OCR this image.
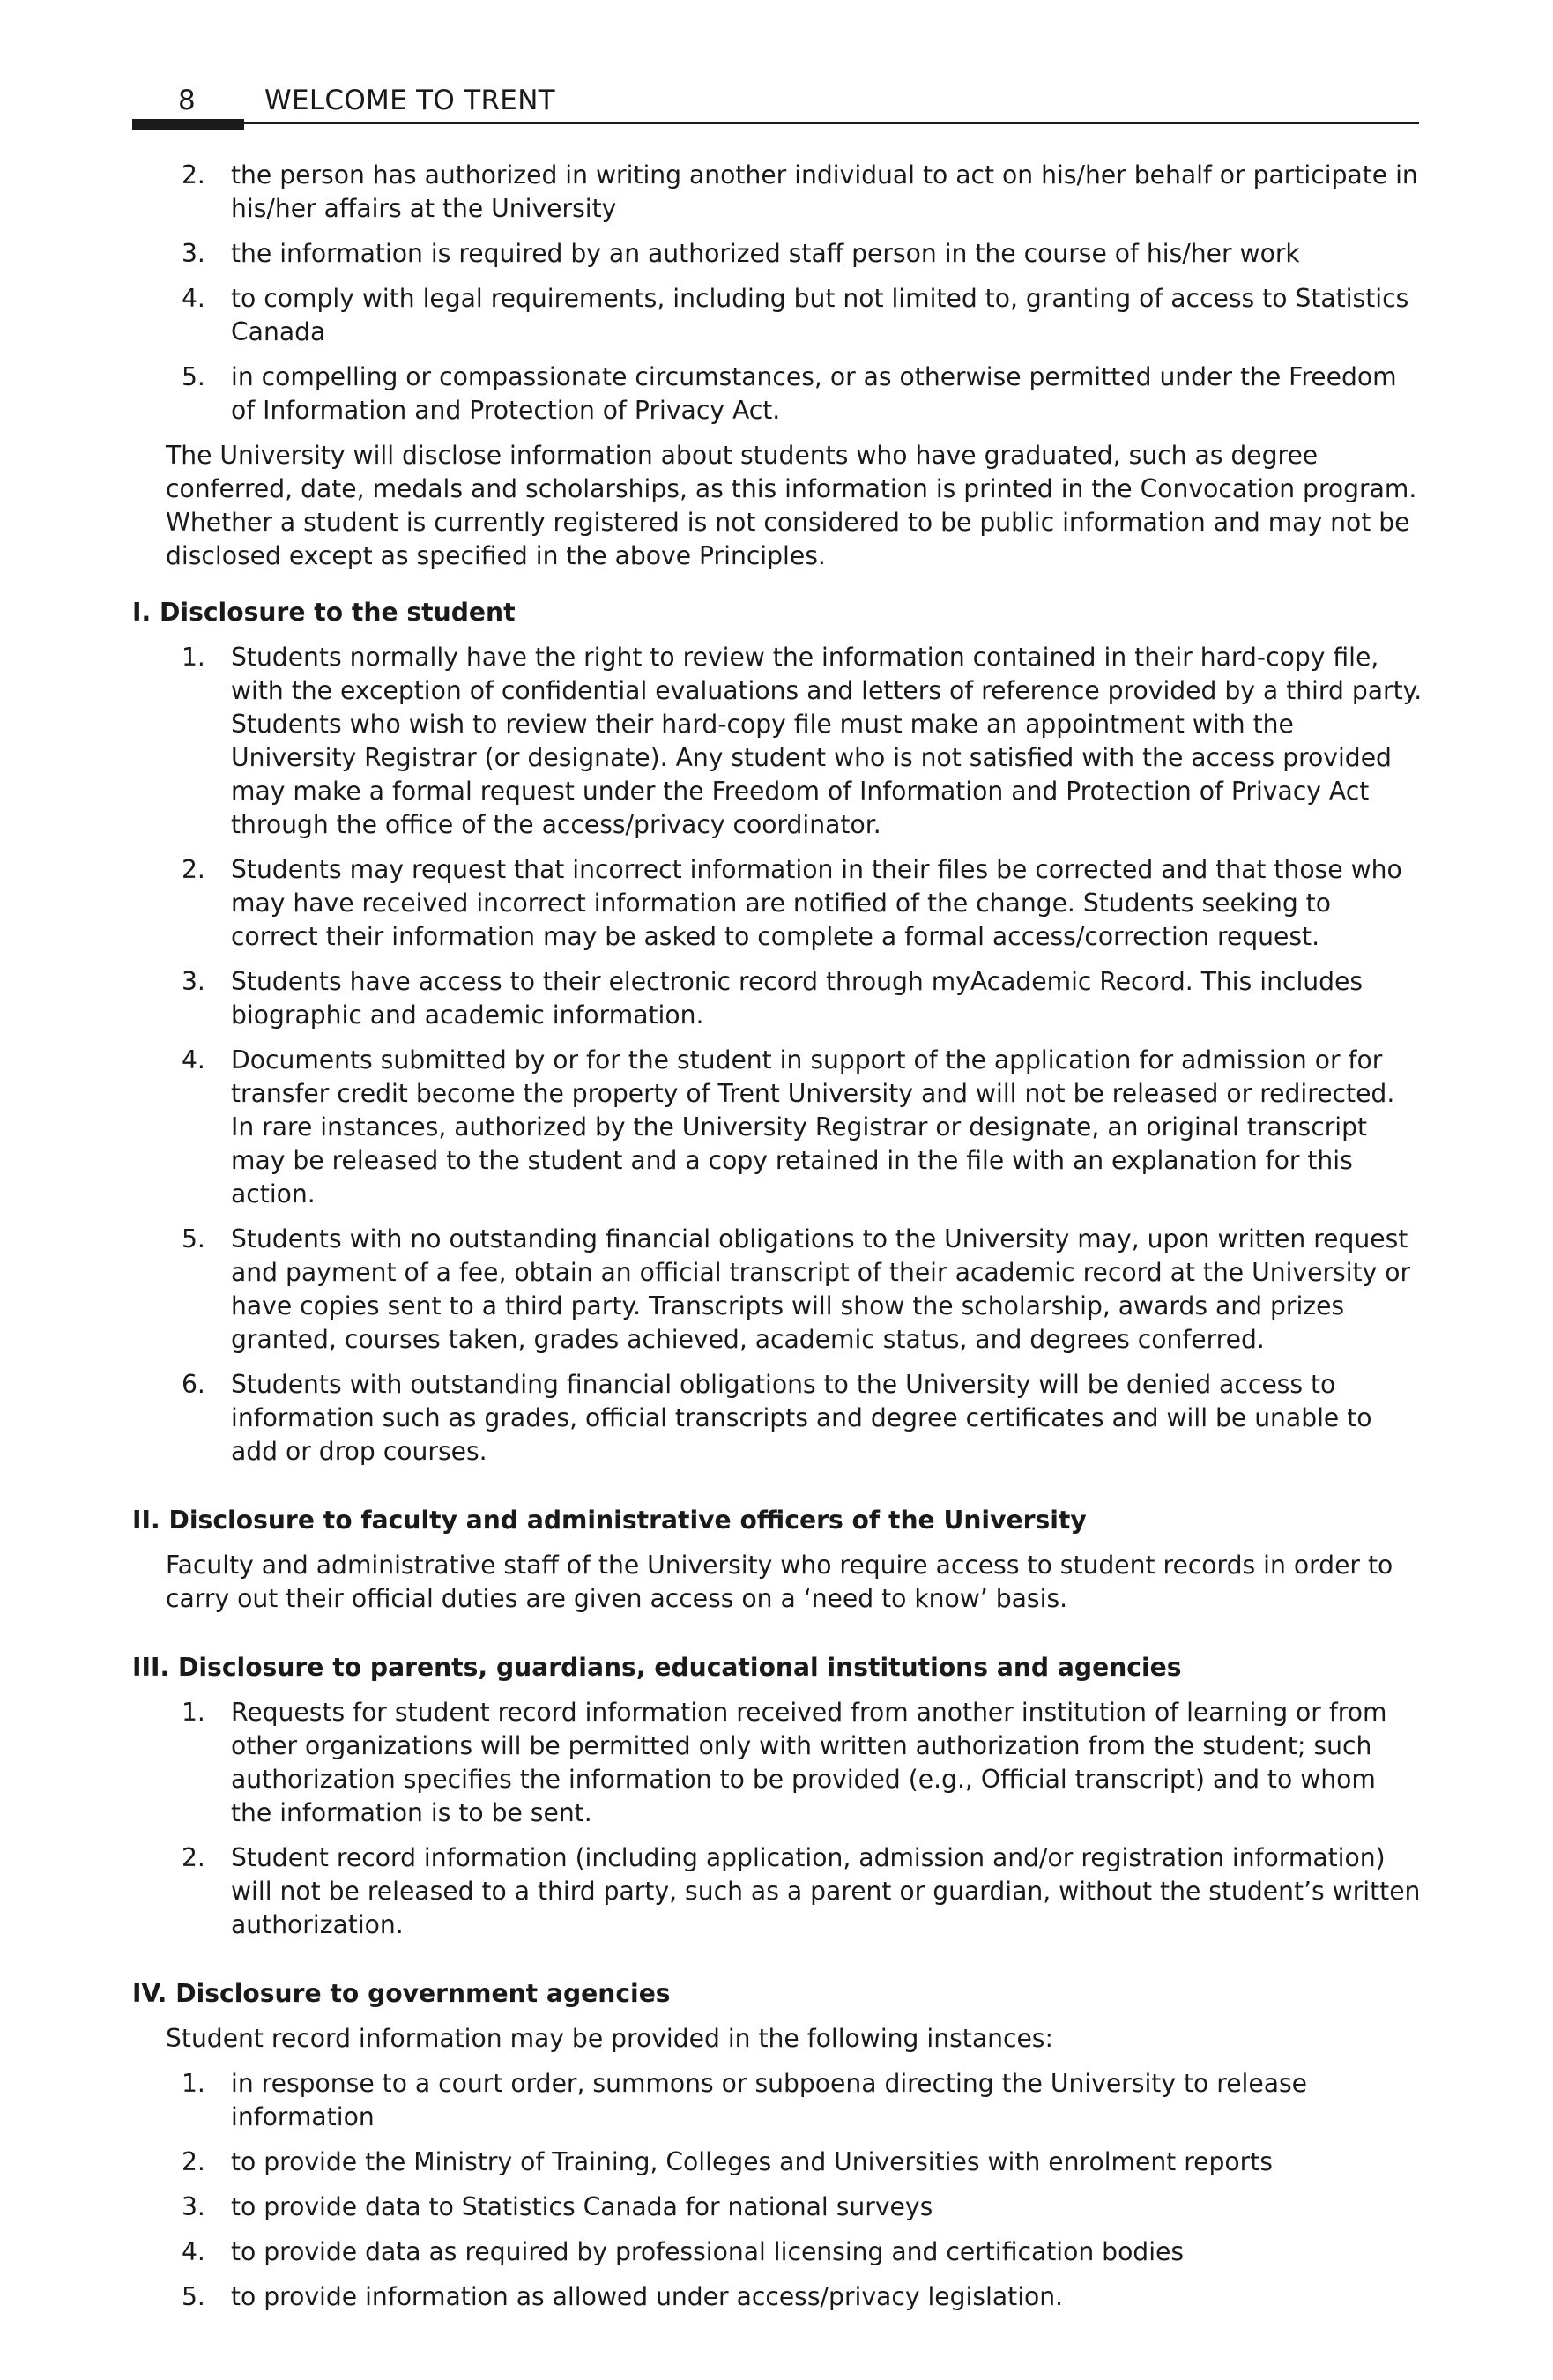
8	WELCOME TO TRENT
2.	the person has authorized in writing another individual to act on his/her behalf or participate in his/her affairs at the University
3.	the information is required by an authorized staff person in the course of his/her work
4.	to comply with legal requirements, including but not limited to, granting of access to Statistics Canada
5.	in compelling or compassionate circumstances, or as otherwise permitted under the Freedom of Information and Protection of Privacy Act.

The University will disclose information about students who have graduated, such as degree conferred, date, medals and scholarships, as this information is printed in the Convocation program. Whether a student is currently registered is not considered to be public information and may not be disclosed except as specified in the above Principles.

I. Disclosure to the student
1.	Students normally have the right to review the information contained in their hard-copy file, with the exception of confidential evaluations and letters of reference provided by a third party. Students who wish to review their hard-copy file must make an appointment with the University Registrar (or designate). Any student who is not satisfied with the access provided may make a formal request under the Freedom of Information and Protection of Privacy Act through the office of the access/privacy coordinator.
2.	Students may request that incorrect information in their files be corrected and that those who may have received incorrect information are notified of the change. Students seeking to correct their information may be asked to complete a formal access/correction request.
3.	Students have access to their electronic record through myAcademic Record. This includes biographic and academic information.
4.	Documents submitted by or for the student in support of the application for admission or for transfer credit become the property of Trent University and will not be released or redirected. In rare instances, authorized by the University Registrar or designate, an original transcript may be released to the student and a copy retained in the file with an explanation for this action.
5.	Students with no outstanding financial obligations to the University may, upon written request and payment of a fee, obtain an official transcript of their academic record at the University or have copies sent to a third party. Transcripts will show the scholarship, awards and prizes granted, courses taken, grades achieved, academic status, and degrees conferred.
6.	Students with outstanding financial obligations to the University will be denied access to information such as grades, official transcripts and degree certificates and will be unable to add or drop courses.
II. Disclosure to faculty and administrative officers of the University

Faculty and administrative staff of the University who require access to student records in order to carry out their official duties are given access on a ‘need to know’ basis.

III. Disclosure to parents, guardians, educational institutions and agencies
1.	Requests for student record information received from another institution of learning or from other organizations will be permitted only with written authorization from the student; such authorization specifies the information to be provided (e.g., Official transcript) and to whom the information is to be sent.
2.	Student record information (including application, admission and/or registration information) will not be released to a third party, such as a parent or guardian, without the student’s written authorization.
IV. Disclosure to government agencies

Student record information may be provided in the following instances:

1.	in response to a court order, summons or subpoena directing the University to release information
2.	to provide the Ministry of Training, Colleges and Universities with enrolment reports
3.	to provide data to Statistics Canada for national surveys
4.	to provide data as required by professional licensing and certification bodies
5.	to provide information as allowed under access/privacy legislation.
